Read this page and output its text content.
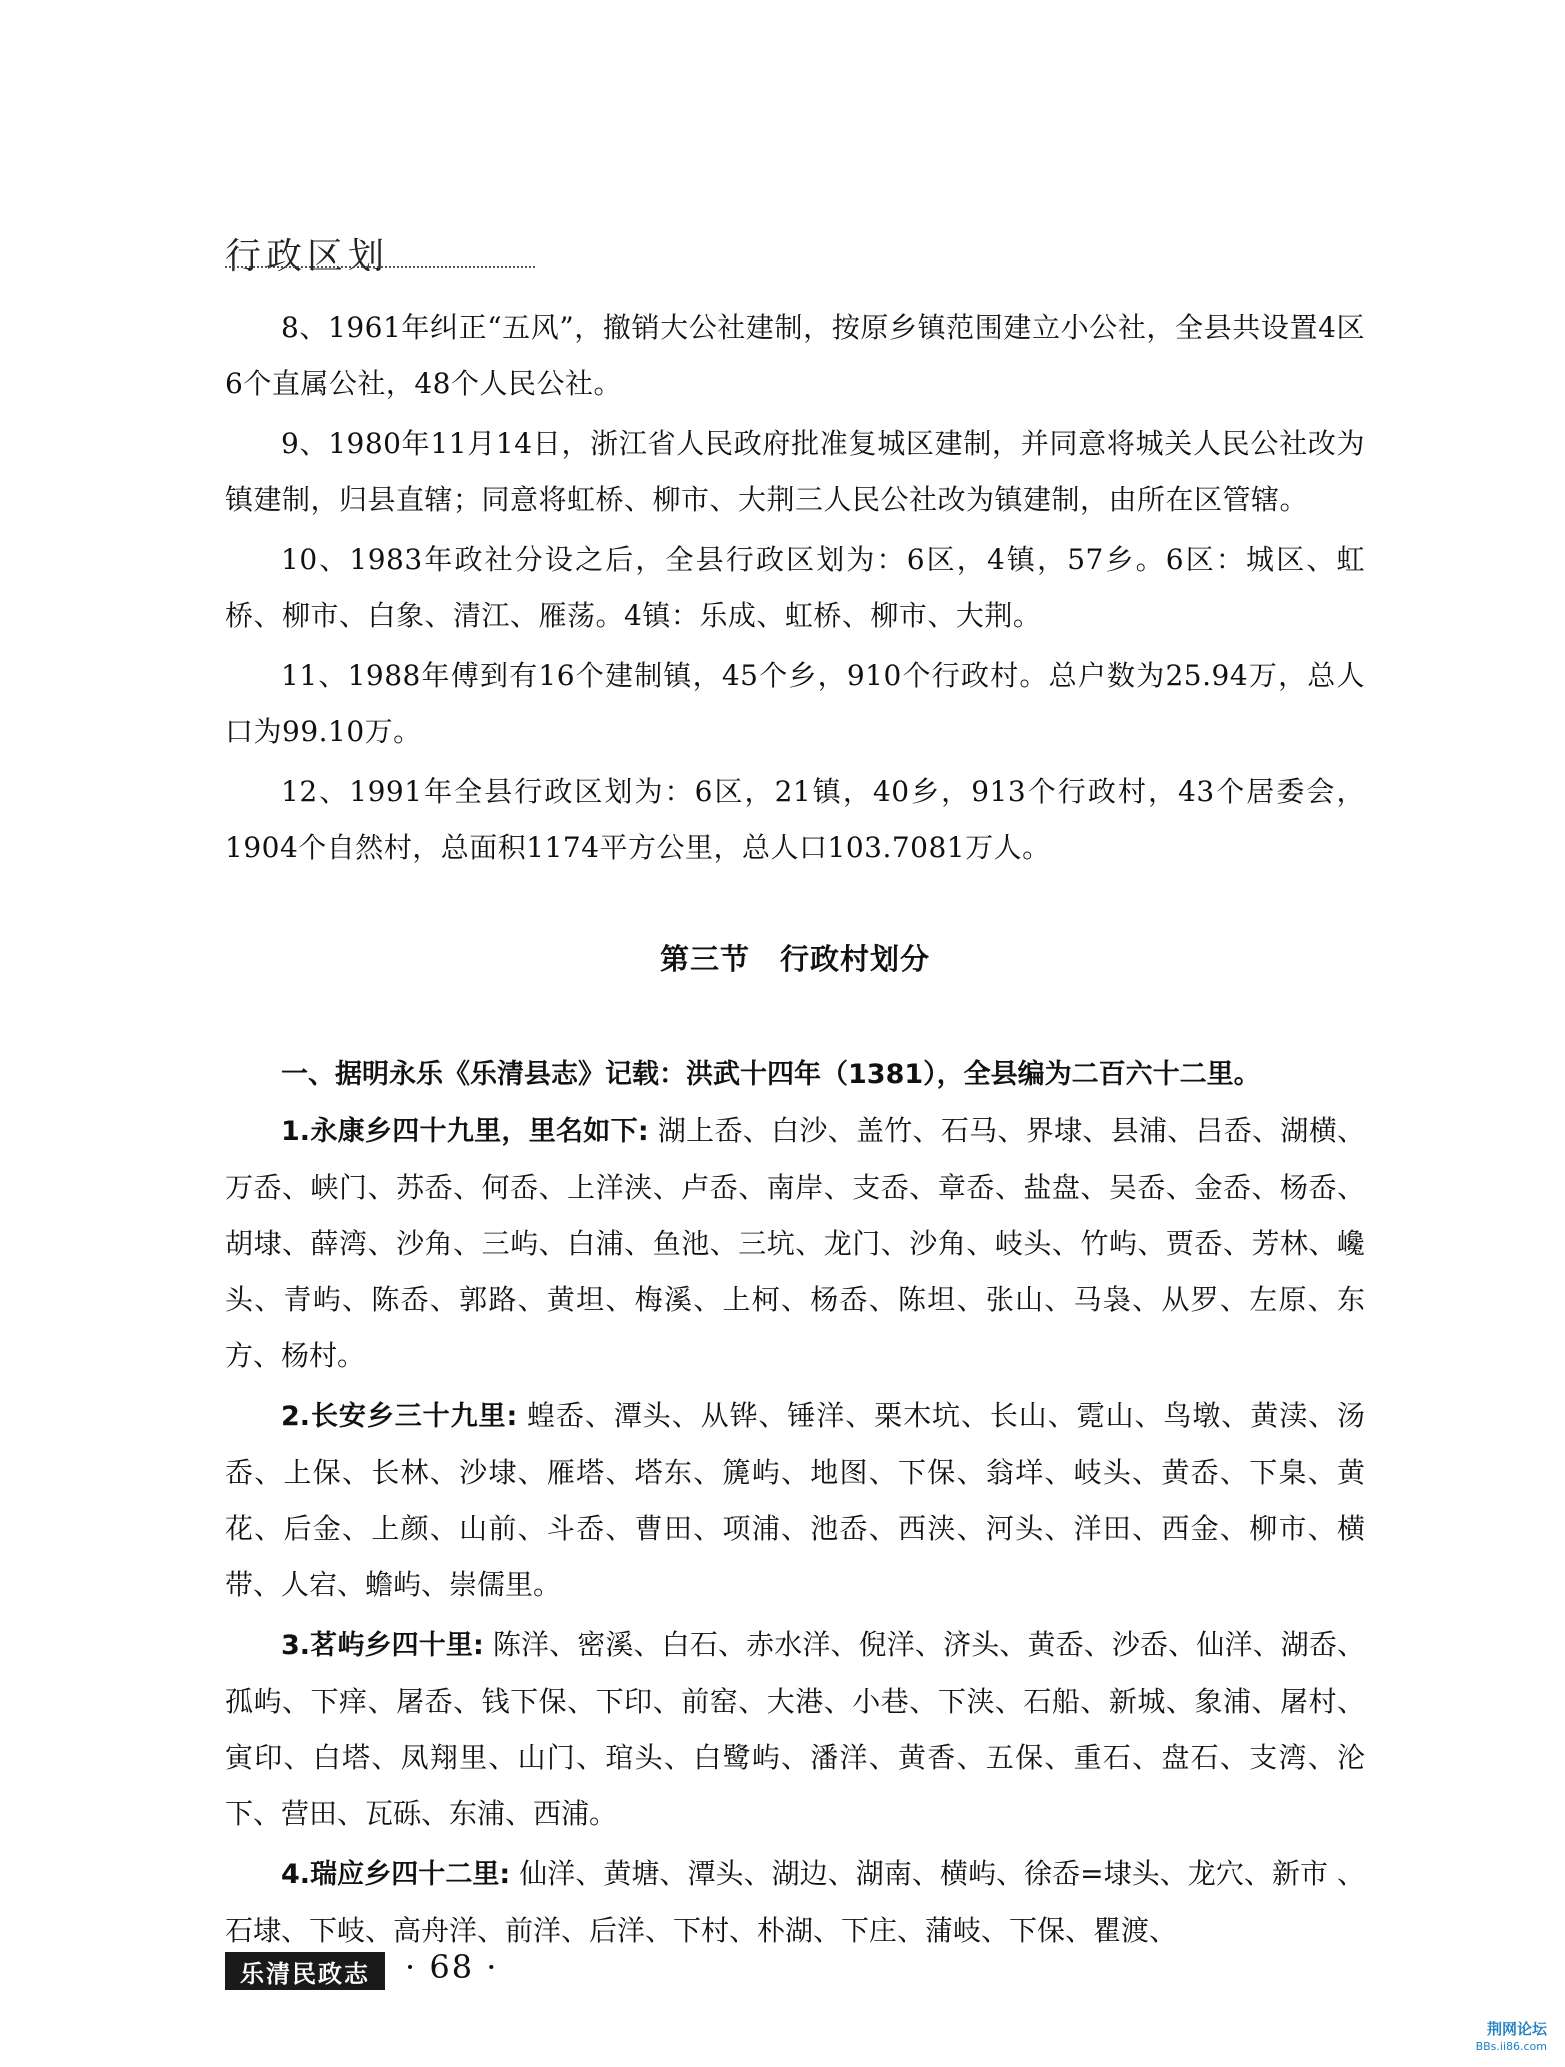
行政区划

8、1961年纠正“五风”，撤销大公社建制，按原乡镇范围建立小公社，全县共设置4区6个直属公社，48个人民公社。

9、1980年11月14日，浙江省人民政府批准复城区建制，并同意将城关人民公社改为镇建制，归县直辖；同意将虹桥、柳市、大荆三人民公社改为镇建制，由所在区管辖。

10、1983年政社分设之后，全县行政区划为：6区，4镇，57乡。6区：城区、虹桥、柳市、白象、清江、雁荡。4镇：乐成、虹桥、柳市、大荆。

11、1988年傅到有16个建制镇，45个乡，910个行政村。总户数为25.94万，总人口为99.10万。

12、1991年全县行政区划为：6区，21镇，40乡，913个行政村，43个居委会，1904个自然村，总面积1174平方公里，总人口103.7081万人。

第三节 行政村划分

一、据明永乐《乐清县志》记载：洪武十四年（1381），全县编为二百六十二里。

1.永康乡四十九里，里名如下: 湖上岙、白沙、盖竹、石马、界埭、县浦、吕岙、湖横、万岙、峡门、苏岙、何岙、上洋浃、卢岙、南岸、支岙、章岙、盐盘、吴岙、金岙、杨岙、胡埭、薛湾、沙角、三屿、白浦、鱼池、三坑、龙门、沙角、岐头、竹屿、贾岙、芳林、巉头、青屿、陈岙、郭路、黄坦、梅溪、上柯、杨岙、陈坦、张山、马袅、从罗、左原、东方、杨村。

2.长安乡三十九里: 蝗岙、潭头、从铧、锤洋、栗木坑、长山、霓山、鸟墩、黄渎、汤岙、上保、长林、沙埭、雁塔、塔东、篪屿、地图、下保、翁垟、岐头、黄岙、下臬、黄花、后金、上颜、山前、斗岙、曹田、项浦、池岙、西浃、河头、洋田、西金、柳市、横带、人宕、蟾屿、崇儒里。

3.茗屿乡四十里: 陈洋、密溪、白石、赤水洋、倪洋、济头、黄岙、沙岙、仙洋、湖岙、孤屿、下痒、屠岙、钱下保、下印、前窑、大港、小巷、下浃、石船、新城、象浦、屠村、寅印、白塔、凤翔里、山门、琯头、白鹭屿、潘洋、黄香、五保、重石、盘石、支湾、沦下、营田、瓦砾、东浦、西浦。

4.瑞应乡四十二里: 仙洋、黄塘、潭头、湖边、湖南、横屿、徐岙=埭头、龙穴、新市 、石埭、下岐、高舟洋、前洋、后洋、下村、朴湖、下庄、蒲岐、下保、瞿渡、

乐清民政志	· 68 ·
荆网论坛
BBs.ii86.com
